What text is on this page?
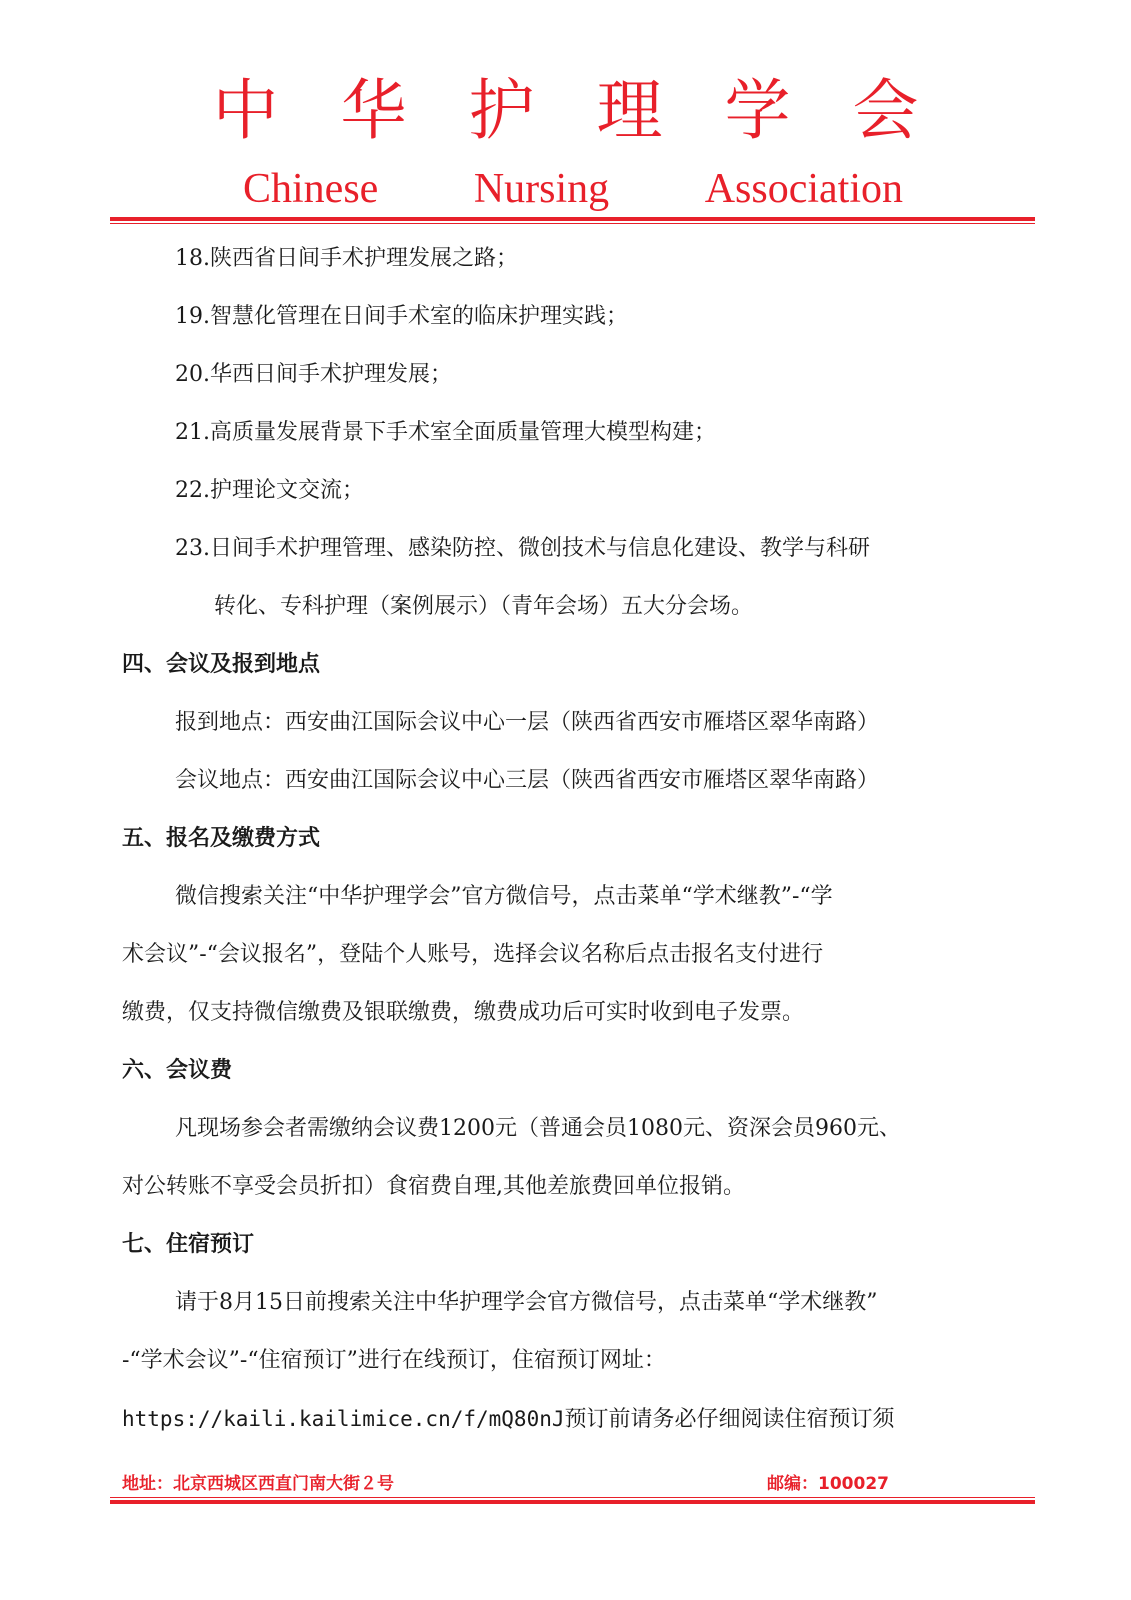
中华护理学会
Chinese Nursing Association
18.陕西省日间手术护理发展之路；
19.智慧化管理在日间手术室的临床护理实践；
20.华西日间手术护理发展；
21.高质量发展背景下手术室全面质量管理大模型构建；
22.护理论文交流；
23.日间手术护理管理、感染防控、微创技术与信息化建设、教学与科研
转化、专科护理（案例展示）（青年会场）五大分会场。
四、会议及报到地点
报到地点：西安曲江国际会议中心一层（陕西省西安市雁塔区翠华南路）
会议地点：西安曲江国际会议中心三层（陕西省西安市雁塔区翠华南路）
五、报名及缴费方式
微信搜索关注“中华护理学会”官方微信号，点击菜单“学术继教”-“学
术会议”-“会议报名”，登陆个人账号，选择会议名称后点击报名支付进行
缴费，仅支持微信缴费及银联缴费，缴费成功后可实时收到电子发票。
六、会议费
凡现场参会者需缴纳会议费1200元（普通会员1080元、资深会员960元、
对公转账不享受会员折扣）食宿费自理,其他差旅费回单位报销。
七、住宿预订
请于8月15日前搜索关注中华护理学会官方微信号，点击菜单“学术继教”
-“学术会议”-“住宿预订”进行在线预订，住宿预订网址：
https://kaili.kailimice.cn/f/mQ80nJ预订前请务必仔细阅读住宿预订须
地址：北京西城区西直门南大街２号	邮编：100027
